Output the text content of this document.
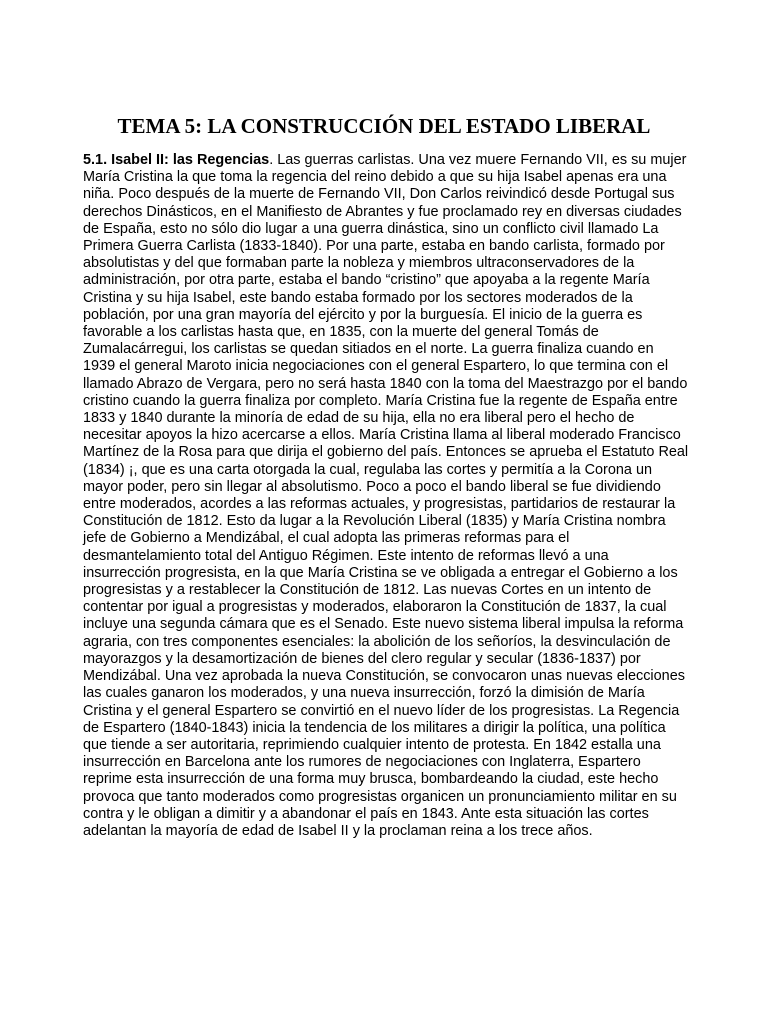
TEMA 5: LA CONSTRUCCIÓN DEL ESTADO LIBERAL

5.1. Isabel II: las Regencias. Las guerras carlistas. Una vez muere Fernando VII, es su mujer María Cristina la que toma la regencia del reino debido a que su hija Isabel apenas era una niña. Poco después de la muerte de Fernando VII, Don Carlos reivindicó desde Portugal sus derechos Dinásticos, en el Manifiesto de Abrantes y fue proclamado rey en diversas ciudades de España, esto no sólo dio lugar a una guerra dinástica, sino un conflicto civil llamado La Primera Guerra Carlista (1833-1840). Por una parte, estaba en bando carlista, formado por absolutistas y del que formaban parte la nobleza y miembros ultraconservadores de la administración, por otra parte, estaba el bando “cristino” que apoyaba a la regente María Cristina y su hija Isabel, este bando estaba formado por los sectores moderados de la población, por una gran mayoría del ejército y por la burguesía. El inicio de la guerra es favorable a los carlistas hasta que, en 1835, con la muerte del general Tomás de Zumalacárregui, los carlistas se quedan sitiados en el norte. La guerra finaliza cuando en 1939 el general Maroto inicia negociaciones con el general Espartero, lo que termina con el llamado Abrazo de Vergara, pero no será hasta 1840 con la toma del Maestrazgo por el bando cristino cuando la guerra finaliza por completo. María Cristina fue la regente de España entre 1833 y 1840 durante la minoría de edad de su hija, ella no era liberal pero el hecho de necesitar apoyos la hizo acercarse a ellos. María Cristina llama al liberal moderado Francisco Martínez de la Rosa para que dirija el gobierno del país. Entonces se aprueba el Estatuto Real (1834) ¡, que es una carta otorgada la cual, regulaba las cortes y permitía a la Corona un mayor poder, pero sin llegar al absolutismo. Poco a poco el bando liberal se fue dividiendo entre moderados, acordes a las reformas actuales, y progresistas, partidarios de restaurar la Constitución de 1812. Esto da lugar a la Revolución Liberal (1835) y María Cristina nombra jefe de Gobierno a Mendizábal, el cual adopta las primeras reformas para el desmantelamiento total del Antiguo Régimen. Este intento de reformas llevó a una insurrección progresista, en la que María Cristina se ve obligada a entregar el Gobierno a los progresistas y a restablecer la Constitución de 1812. Las nuevas Cortes en un intento de contentar por igual a progresistas y moderados, elaboraron la Constitución de 1837, la cual incluye una segunda cámara que es el Senado. Este nuevo sistema liberal impulsa la reforma agraria, con tres componentes esenciales: la abolición de los señoríos, la desvinculación de mayorazgos y la desamortización de bienes del clero regular y secular (1836-1837) por Mendizábal. Una vez aprobada la nueva Constitución, se convocaron unas nuevas elecciones las cuales ganaron los moderados, y una nueva insurrección, forzó la dimisión de María Cristina y el general Espartero se convirtió en el nuevo líder de los progresistas. La Regencia de Espartero (1840-1843) inicia la tendencia de los militares a dirigir la política, una política que tiende a ser autoritaria, reprimiendo cualquier intento de protesta. En 1842 estalla una insurrección en Barcelona ante los rumores de negociaciones con Inglaterra, Espartero reprime esta insurrección de una forma muy brusca, bombardeando la ciudad, este hecho provoca que tanto moderados como progresistas organicen un pronunciamiento militar en su contra y le obligan a dimitir y a abandonar el país en 1843. Ante esta situación las cortes adelantan la mayoría de edad de Isabel II y la proclaman reina a los trece años.
